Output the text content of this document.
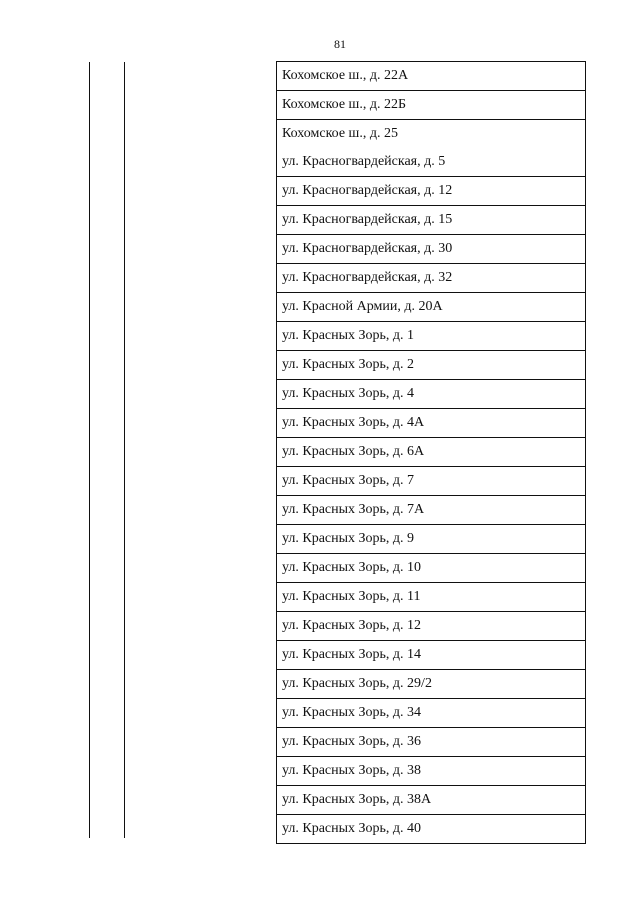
81
Кохомское ш., д. 22А
Кохомское ш., д. 22Б
Кохомское ш., д. 25
ул. Красногвардейская, д. 5
ул. Красногвардейская, д. 12
ул. Красногвардейская, д. 15
ул. Красногвардейская, д. 30
ул. Красногвардейская, д. 32
ул. Красной Армии, д. 20А
ул. Красных Зорь, д. 1
ул. Красных Зорь, д. 2
ул. Красных Зорь, д. 4
ул. Красных Зорь, д. 4А
ул. Красных Зорь, д. 6А
ул. Красных Зорь, д. 7
ул. Красных Зорь, д. 7А
ул. Красных Зорь, д. 9
ул. Красных Зорь, д. 10
ул. Красных Зорь, д. 11
ул. Красных Зорь, д. 12
ул. Красных Зорь, д. 14
ул. Красных Зорь, д. 29/2
ул. Красных Зорь, д. 34
ул. Красных Зорь, д. 36
ул. Красных Зорь, д. 38
ул. Красных Зорь, д. 38А
ул. Красных Зорь, д. 40
